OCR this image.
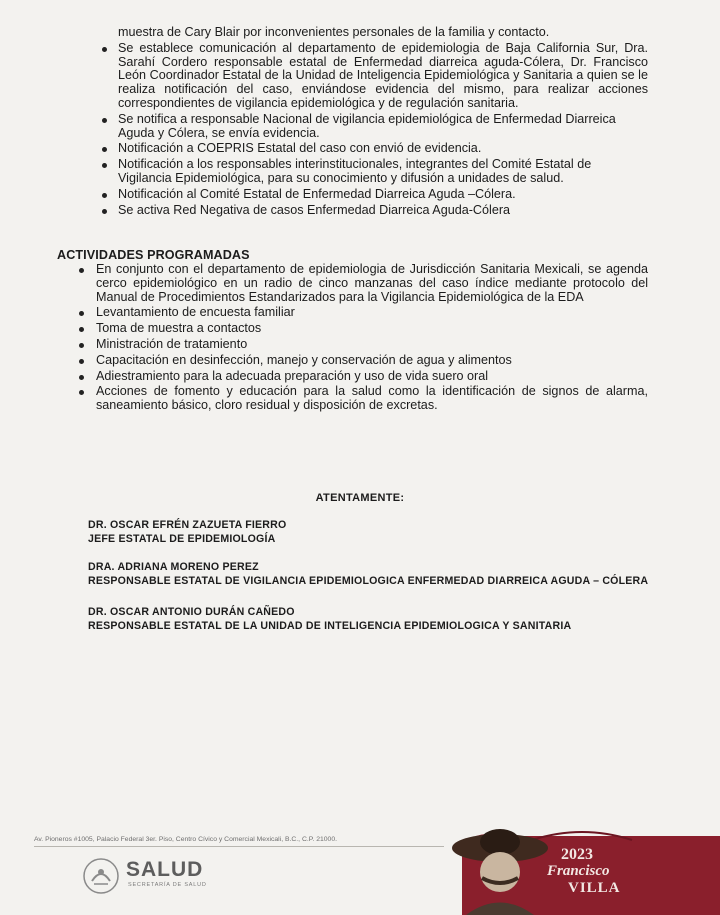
muestra de Cary Blair por inconvenientes personales de la familia y contacto.
Se establece comunicación al departamento de epidemiologia de Baja California Sur, Dra. Sarahí Cordero responsable estatal de Enfermedad diarreica aguda-Cólera, Dr. Francisco León Coordinador Estatal de la Unidad de Inteligencia Epidemiológica y Sanitaria a quien se le realiza notificación del caso, enviándose evidencia del mismo, para realizar acciones correspondientes de vigilancia epidemiológica y de regulación sanitaria.
Se notifica a responsable Nacional de vigilancia epidemiológica de Enfermedad Diarreica Aguda y Cólera, se envía evidencia.
Notificación a COEPRIS Estatal del caso con envió de evidencia.
Notificación a los responsables interinstitucionales, integrantes del Comité Estatal de Vigilancia Epidemiológica, para su conocimiento y difusión a unidades de salud.
Notificación al Comité Estatal de Enfermedad Diarreica Aguda –Cólera.
Se activa Red Negativa de casos Enfermedad Diarreica Aguda-Cólera
ACTIVIDADES PROGRAMADAS
En conjunto con el departamento de epidemiologia de Jurisdicción Sanitaria Mexicali, se agenda cerco epidemiológico en un radio de cinco manzanas del caso índice mediante protocolo del Manual de Procedimientos Estandarizados para la Vigilancia Epidemiológica de la EDA
Levantamiento de encuesta familiar
Toma de muestra a contactos
Ministración de tratamiento
Capacitación en desinfección, manejo y conservación de agua y alimentos
Adiestramiento para la adecuada preparación y uso de vida suero oral
Acciones de fomento y educación para la salud como la identificación de signos de alarma, saneamiento básico, cloro residual y disposición de excretas.
ATENTAMENTE:
DR. OSCAR EFRÉN ZAZUETA FIERRO
JEFE ESTATAL DE EPIDEMIOLOGÍA
DRA. ADRIANA MORENO PEREZ
RESPONSABLE ESTATAL DE VIGILANCIA EPIDEMIOLOGICA ENFERMEDAD DIARREICA AGUDA – CÓLERA
DR. OSCAR ANTONIO DURÁN CAÑEDO
RESPONSABLE ESTATAL DE LA UNIDAD DE INTELIGENCIA EPIDEMIOLOGICA Y SANITARIA
Av. Pioneros #1005, Palacio Federal 3er. Piso, Centro Cívico y Comercial Mexicali, B.C., C.P. 21000.
SALUD
SECRETARÍA DE SALUD
2023
Francisco
VILLA
